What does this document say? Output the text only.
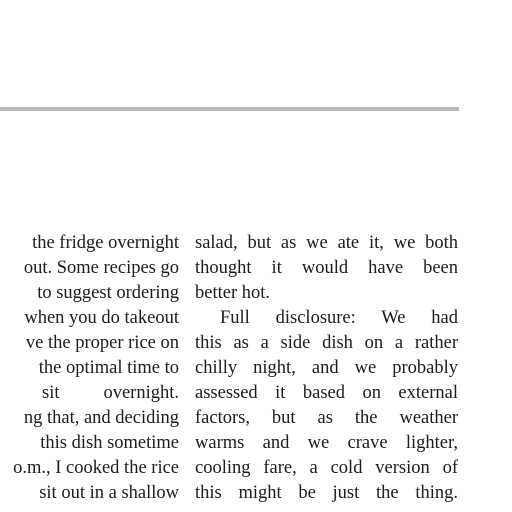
the fridge overnight
out. Some recipes go
to suggest ordering
when you do takeout
ve the proper rice on
the optimal time to
sit overnight.
ng that, and deciding
this dish sometime
o.m., I cooked the rice
sit out in a shallow
salad, but as we ate it, we both
thought it would have been
better hot.
Full disclosure: We had
this as a side dish on a rather
chilly night, and we probably
assessed it based on external
factors, but as the weather
warms and we crave lighter,
cooling fare, a cold version of
this might be just the thing.
